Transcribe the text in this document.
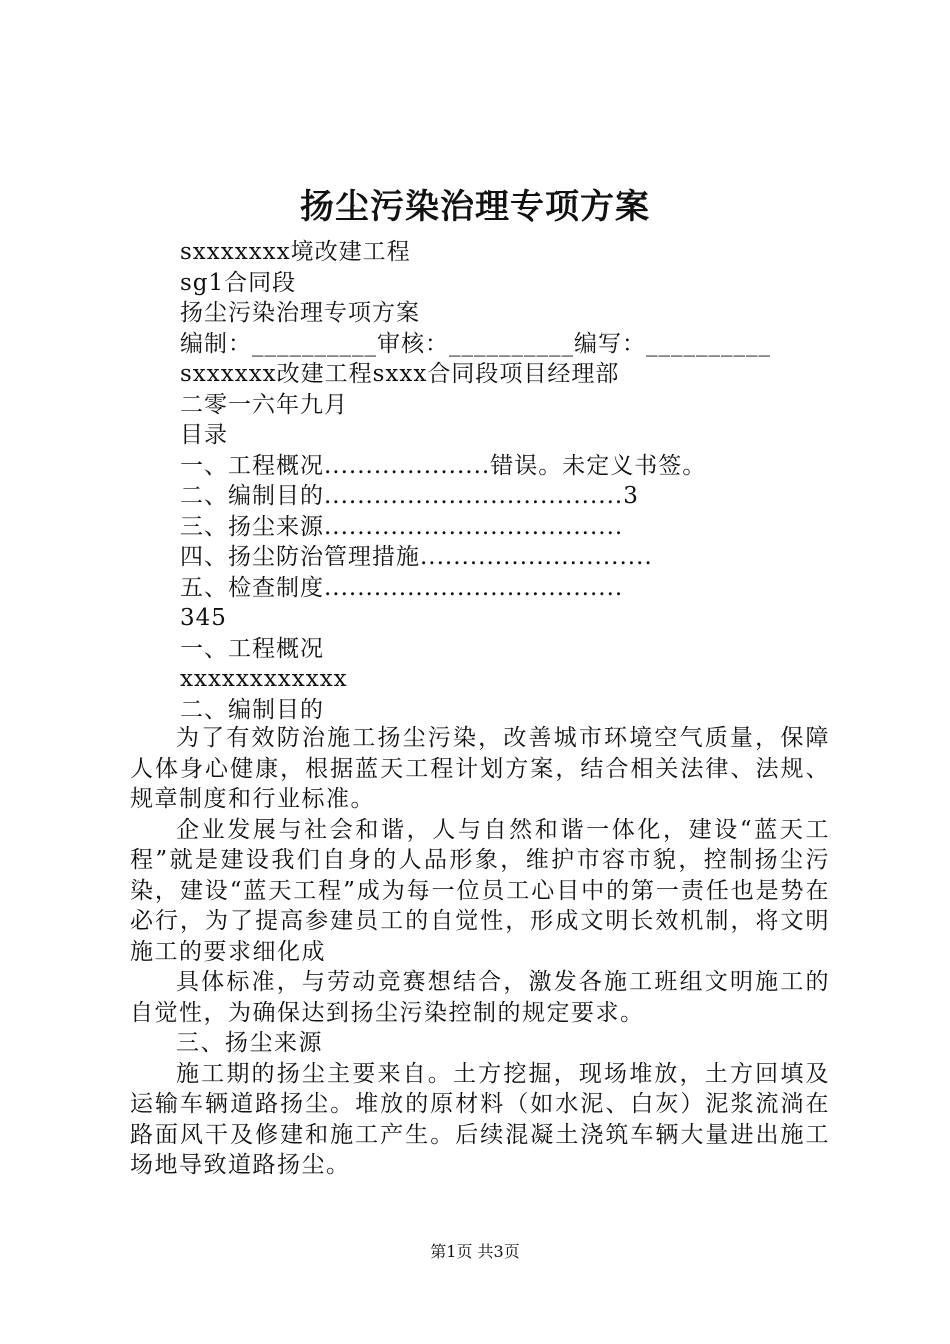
扬尘污染治理专项方案
sxxxxxxx境改建工程
sg1合同段
扬尘污染治理专项方案
编制：__________审核：__________编写：__________
sxxxxxx改建工程sxxx合同段项目经理部
二零一六年九月
目录
一、工程概况....................错误。未定义书签。
二、编制目的....................................3
三、扬尘来源....................................
四、扬尘防治管理措施............................
五、检查制度....................................
345
一、工程概况
xxxxxxxxxxxx
二、编制目的

为了有效防治施工扬尘污染，改善城市环境空气质量，保障人体身心健康，根据蓝天工程计划方案，结合相关法律、法规、规章制度和行业标准。

企业发展与社会和谐，人与自然和谐一体化，建设“蓝天工程”就是建设我们自身的人品形象，维护市容市貌，控制扬尘污染，建设“蓝天工程”成为每一位员工心目中的第一责任也是势在必行，为了提高参建员工的自觉性，形成文明长效机制，将文明施工的要求细化成

具体标准，与劳动竞赛想结合，激发各施工班组文明施工的自觉性，为确保达到扬尘污染控制的规定要求。

三、扬尘来源

施工期的扬尘主要来自。土方挖掘，现场堆放，土方回填及运输车辆道路扬尘。堆放的原材料（如水泥、白灰）泥浆流淌在路面风干及修建和施工产生。后续混凝土浇筑车辆大量进出施工场地导致道路扬尘。

第1页 共3页
